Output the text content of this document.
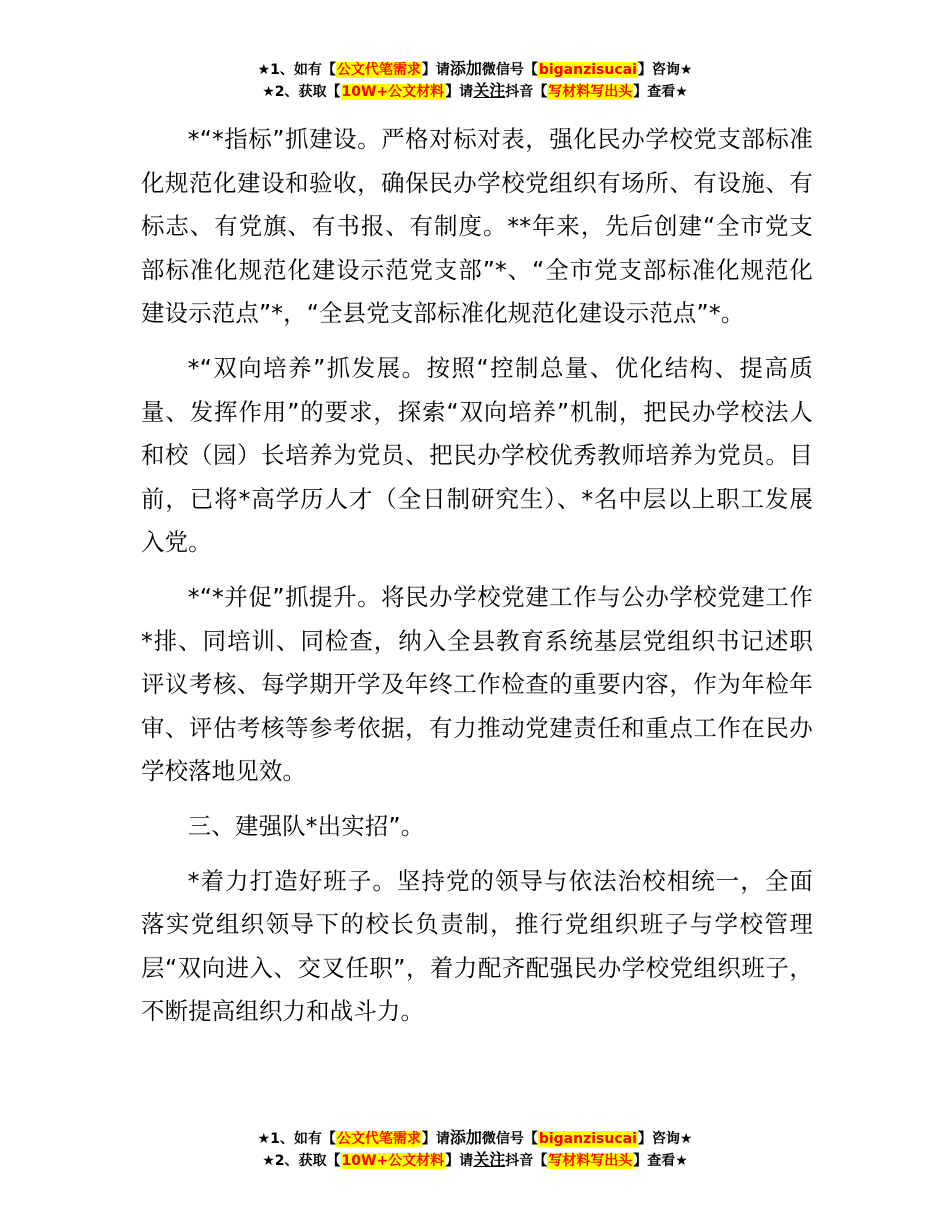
★1、如有【公文代笔需求】请添加微信号【biganzisucai】咨询★
★2、获取【10W+公文材料】请关注抖音【写材料写出头】查看★

*“*指标”抓建设。严格对标对表，强化民办学校党支部标准化规范化建设和验收，确保民办学校党组织有场所、有设施、有标志、有党旗、有书报、有制度。**年来，先后创建“全市党支部标准化规范化建设示范党支部”*、“全市党支部标准化规范化建设示范点”*，“全县党支部标准化规范化建设示范点”*。

*“双向培养”抓发展。按照“控制总量、优化结构、提高质量、发挥作用”的要求，探索“双向培养”机制，把民办学校法人和校（园）长培养为党员、把民办学校优秀教师培养为党员。目前，已将*高学历人才（全日制研究生）、*名中层以上职工发展入党。

*“*并促”抓提升。将民办学校党建工作与公办学校党建工作*排、同培训、同检查，纳入全县教育系统基层党组织书记述职评议考核、每学期开学及年终工作检查的重要内容，作为年检年审、评估考核等参考依据，有力推动党建责任和重点工作在民办学校落地见效。

三、建强队*出实招”。

*着力打造好班子。坚持党的领导与依法治校相统一，全面落实党组织领导下的校长负责制，推行党组织班子与学校管理层“双向进入、交叉任职”，着力配齐配强民办学校党组织班子，不断提高组织力和战斗力。

★1、如有【公文代笔需求】请添加微信号【biganzisucai】咨询★
★2、获取【10W+公文材料】请关注抖音【写材料写出头】查看★
